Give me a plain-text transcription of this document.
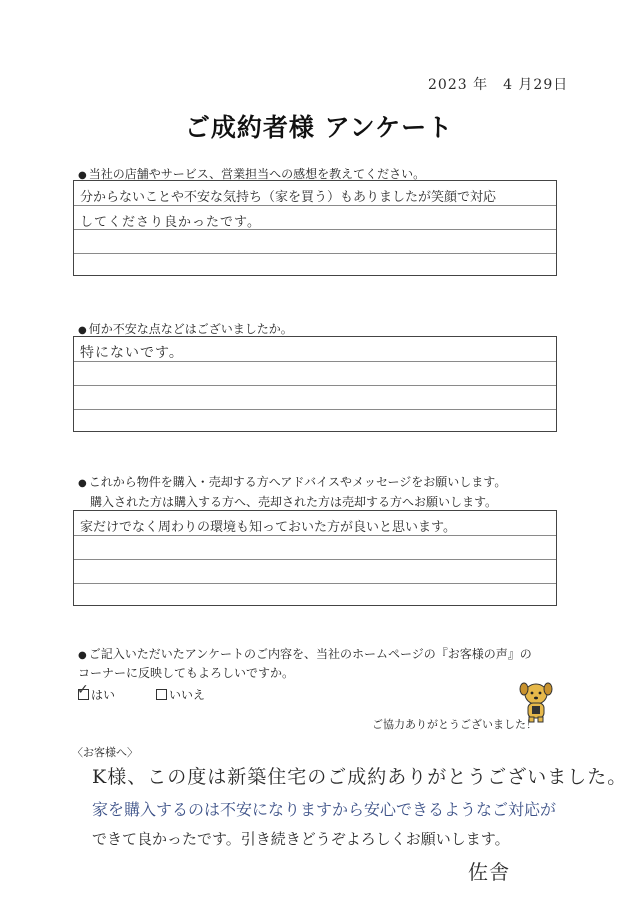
2023 年　4 月29日
ご成約者様 アンケート
● 当社の店舗やサービス、営業担当への感想を教えてください。
分からないことや不安な気持ち（家を買う）もありましたが笑顔で対応
してくださり良かったです。
● 何か不安な点などはございましたか。
特にないです。
● これから物件を購入・売却する方へアドバイスやメッセージをお願いします。
購入された方は購入する方へ、売却された方は売却する方へお願いします。
家だけでなく周わりの環境も知っておいた方が良いと思います。
● ご記入いただいたアンケートのご内容を、当社のホームページの『お客様の声』の
コーナーに反映してもよろしいですか。
✓ はい	いいえ
ご協力ありがとうございました！
〈お客様へ〉
K様、この度は新築住宅のご成約ありがとうございました。
家を購入するのは不安になりますから安心できるようなご対応が
できて良かったです。引き続きどうぞよろしくお願いします。
佐舎
